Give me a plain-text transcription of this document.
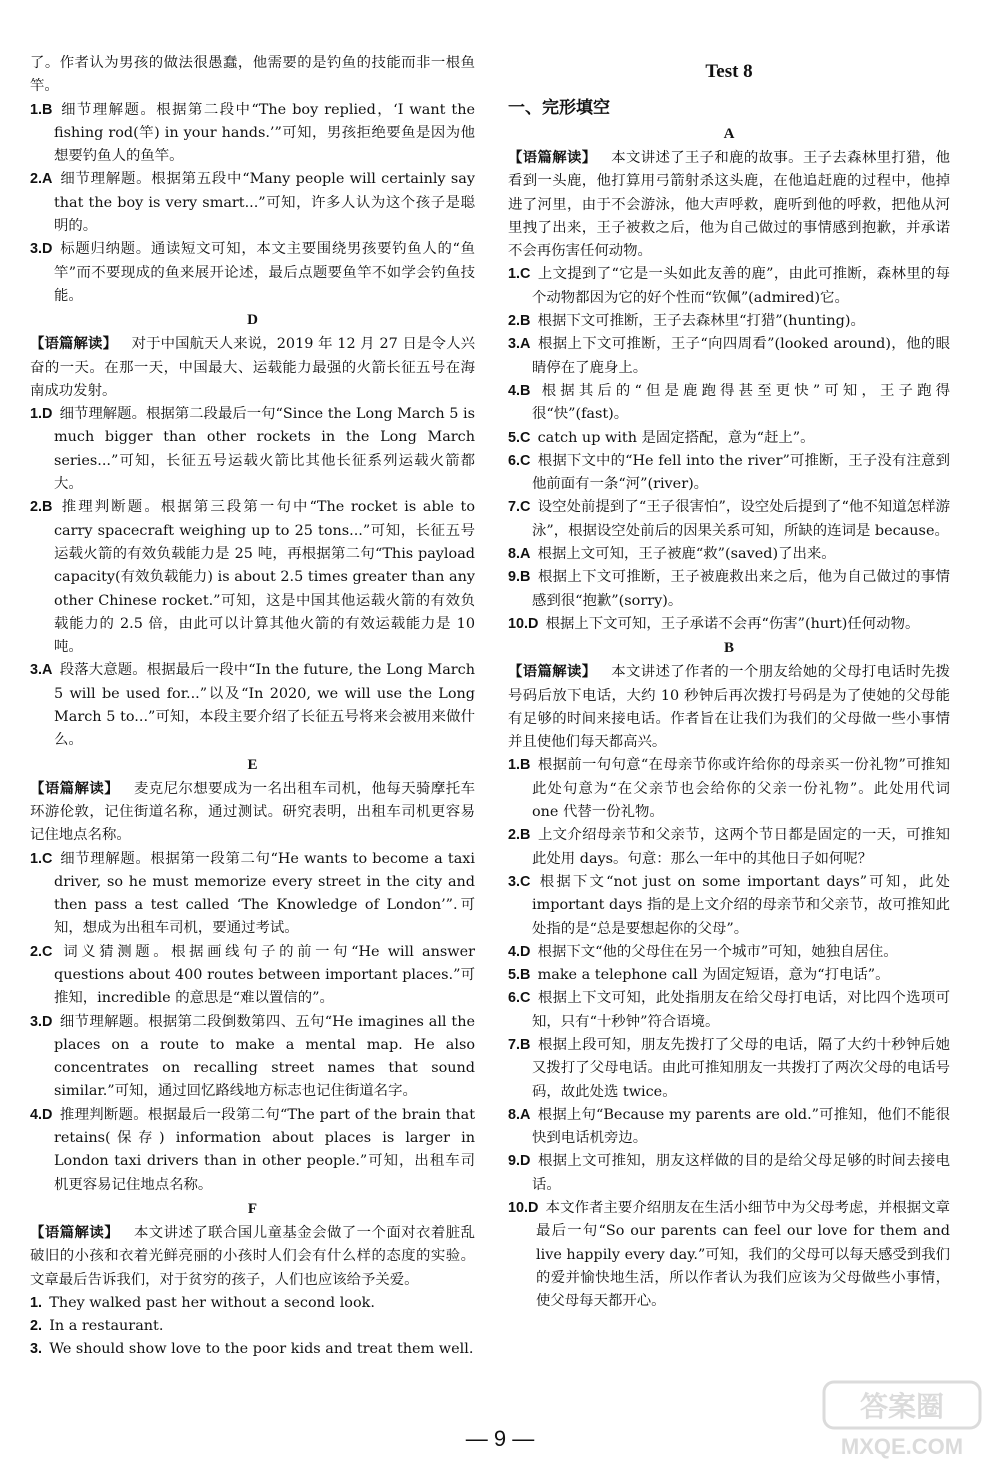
了。作者认为男孩的做法很愚蠢，他需要的是钓鱼的技能而非一根鱼竿。

1.B  细节理解题。根据第二段中“The boy replied，‘I want the fishing rod(竿) in your hands.’”可知，男孩拒绝要鱼是因为他想要钓鱼人的鱼竿。

2.A  细节理解题。根据第五段中“Many people will certainly say that the boy is very smart...”可知，许多人认为这个孩子是聪明的。

3.D  标题归纳题。通读短文可知，本文主要围绕男孩要钓鱼人的“鱼竿”而不要现成的鱼来展开论述，最后点题要鱼竿不如学会钓鱼技能。

D

【语篇解读】  对于中国航天人来说，2019 年 12 月 27 日是令人兴奋的一天。在那一天，中国最大、运载能力最强的火箭长征五号在海南成功发射。

1.D  细节理解题。根据第二段最后一句“Since the Long March 5 is much bigger than other rockets in the Long March series...”可知，长征五号运载火箭比其他长征系列运载火箭都大。

2.B  推理判断题。根据第三段第一句中“The rocket is able to carry spacecraft weighing up to 25 tons...”可知，长征五号运载火箭的有效负载能力是 25 吨，再根据第二句“This payload capacity(有效负载能力) is about 2.5 times greater than any other Chinese rocket.”可知，这是中国其他运载火箭的有效负载能力的 2.5 倍，由此可以计算其他火箭的有效运载能力是 10 吨。

3.A  段落大意题。根据最后一段中“In the future, the Long March 5 will be used for...”以及“In 2020, we will use the Long March 5 to...”可知，本段主要介绍了长征五号将来会被用来做什么。

E

【语篇解读】  麦克尼尔想要成为一名出租车司机，他每天骑摩托车环游伦敦，记住街道名称，通过测试。研究表明，出租车司机更容易记住地点名称。

1.C  细节理解题。根据第一段第二句“He wants to become a taxi driver, so he must memorize every street in the city and then pass a test called ‘The Knowledge of London’”.可知，想成为出租车司机，要通过考试。

2.C  词义猜测题。根据画线句子的前一句“He will answer questions about 400 routes between important places.”可推知，incredible 的意思是“难以置信的”。

3.D  细节理解题。根据第二段倒数第四、五句“He imagines all the places on a route to make a mental map. He also concentrates on recalling street names that sound similar.”可知，通过回忆路线地方标志也记住街道名字。

4.D  推理判断题。根据最后一段第二句“The part of the brain that retains(保存) information about places is larger in London taxi drivers than in other people.”可知，出租车司机更容易记住地点名称。

F

【语篇解读】  本文讲述了联合国儿童基金会做了一个面对衣着脏乱破旧的小孩和衣着光鲜亮丽的小孩时人们会有什么样的态度的实验。文章最后告诉我们，对于贫穷的孩子，人们也应该给予关爱。

1.  They walked past her without a second look.

2.  In a restaurant.

3.  We should show love to the poor kids and treat them well.

Test 8

一、完形填空

A

【语篇解读】  本文讲述了王子和鹿的故事。王子去森林里打猎，他看到一头鹿，他打算用弓箭射杀这头鹿，在他追赶鹿的过程中，他掉进了河里，由于不会游泳，他大声呼救，鹿听到他的呼救，把他从河里拽了出来，王子被救之后，他为自己做过的事情感到抱歉，并承诺不会再伤害任何动物。

1.C  上文提到了“它是一头如此友善的鹿”，由此可推断，森林里的每个动物都因为它的好个性而“钦佩”(admired)它。

2.B  根据下文可推断，王子去森林里“打猎”(hunting)。

3.A  根据上下文可推断，王子“向四周看”(looked around)，他的眼睛停在了鹿身上。

4.B  根据其后的“但是鹿跑得甚至更快”可知，王子跑得很“快”(fast)。

5.C  catch up with 是固定搭配，意为“赶上”。

6.C  根据下文中的“He fell into the river”可推断，王子没有注意到他前面有一条“河”(river)。

7.C  设空处前提到了“王子很害怕”，设空处后提到了“他不知道怎样游泳”，根据设空处前后的因果关系可知，所缺的连词是 because。

8.A  根据上文可知，王子被鹿“救”(saved)了出来。

9.B  根据上下文可推断，王子被鹿救出来之后，他为自己做过的事情感到很“抱歉”(sorry)。

10.D  根据上下文可知，王子承诺不会再“伤害”(hurt)任何动物。

B

【语篇解读】  本文讲述了作者的一个朋友给她的父母打电话时先拨号码后放下电话，大约 10 秒钟后再次拨打号码是为了使她的父母能有足够的时间来接电话。作者旨在让我们为我们的父母做一些小事情并且使他们每天都高兴。

1.B  根据前一句句意“在母亲节你或许给你的母亲买一份礼物”可推知此处句意为“在父亲节也会给你的父亲一份礼物”。此处用代词 one 代替一份礼物。

2.B  上文介绍母亲节和父亲节，这两个节日都是固定的一天，可推知此处用 days。句意：那么一年中的其他日子如何呢？

3.C  根据下文“not just on some important days”可知，此处 important days 指的是上文介绍的母亲节和父亲节，故可推知此处指的是“总是要想起你的父母”。

4.D  根据下文“他的父母住在另一个城市”可知，她独自居住。

5.B  make a telephone call 为固定短语，意为“打电话”。

6.C  根据上下文可知，此处指朋友在给父母打电话，对比四个选项可知，只有“十秒钟”符合语境。

7.B  根据上段可知，朋友先拨打了父母的电话，隔了大约十秒钟后她又拨打了父母电话。由此可推知朋友一共拨打了两次父母的电话号码，故此处选 twice。

8.A  根据上句“Because my parents are old.”可推知，他们不能很快到电话机旁边。

9.D  根据上文可推知，朋友这样做的目的是给父母足够的时间去接电话。

10.D  本文作者主要介绍朋友在生活小细节中为父母考虑，并根据文章最后一句“So our parents can feel our love for them and live happily every day.”可知，我们的父母可以每天感受到我们的爱并愉快地生活，所以作者认为我们应该为父母做些小事情，使父母每天都开心。

— 9 —
答案圈
MXQE.COM
